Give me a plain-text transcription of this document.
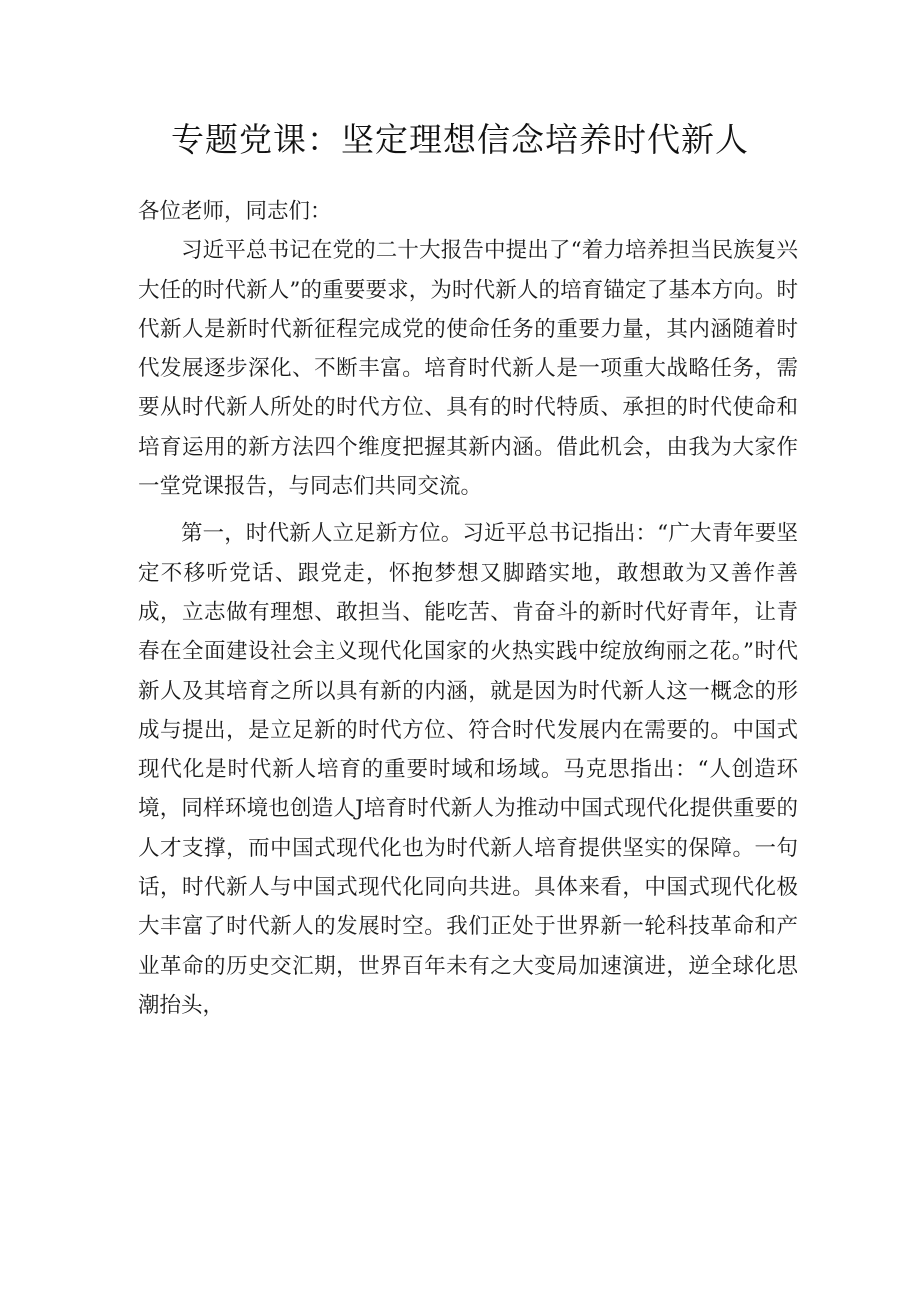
专题党课：坚定理想信念培养时代新人

各位老师，同志们：

习近平总书记在党的二十大报告中提出了“着力培养担当民族复兴大任的时代新人”的重要要求，为时代新人的培育锚定了基本方向。时代新人是新时代新征程完成党的使命任务的重要力量，其内涵随着时代发展逐步深化、不断丰富。培育时代新人是一项重大战略任务，需要从时代新人所处的时代方位、具有的时代特质、承担的时代使命和培育运用的新方法四个维度把握其新内涵。借此机会，由我为大家作一堂党课报告，与同志们共同交流。

第一，时代新人立足新方位。习近平总书记指出：“广大青年要坚定不移听党话、跟党走，怀抱梦想又脚踏实地，敢想敢为又善作善成，立志做有理想、敢担当、能吃苦、肯奋斗的新时代好青年，让青春在全面建设社会主义现代化国家的火热实践中绽放绚丽之花。”时代新人及其培育之所以具有新的内涵，就是因为时代新人这一概念的形成与提出，是立足新的时代方位、符合时代发展内在需要的。中国式现代化是时代新人培育的重要时域和场域。马克思指出：“人创造环境，同样环境也创造人J培育时代新人为推动中国式现代化提供重要的人才支撑，而中国式现代化也为时代新人培育提供坚实的保障。一句话，时代新人与中国式现代化同向共进。具体来看，中国式现代化极大丰富了时代新人的发展时空。我们正处于世界新一轮科技革命和产业革命的历史交汇期，世界百年未有之大变局加速演进，逆全球化思潮抬头，
